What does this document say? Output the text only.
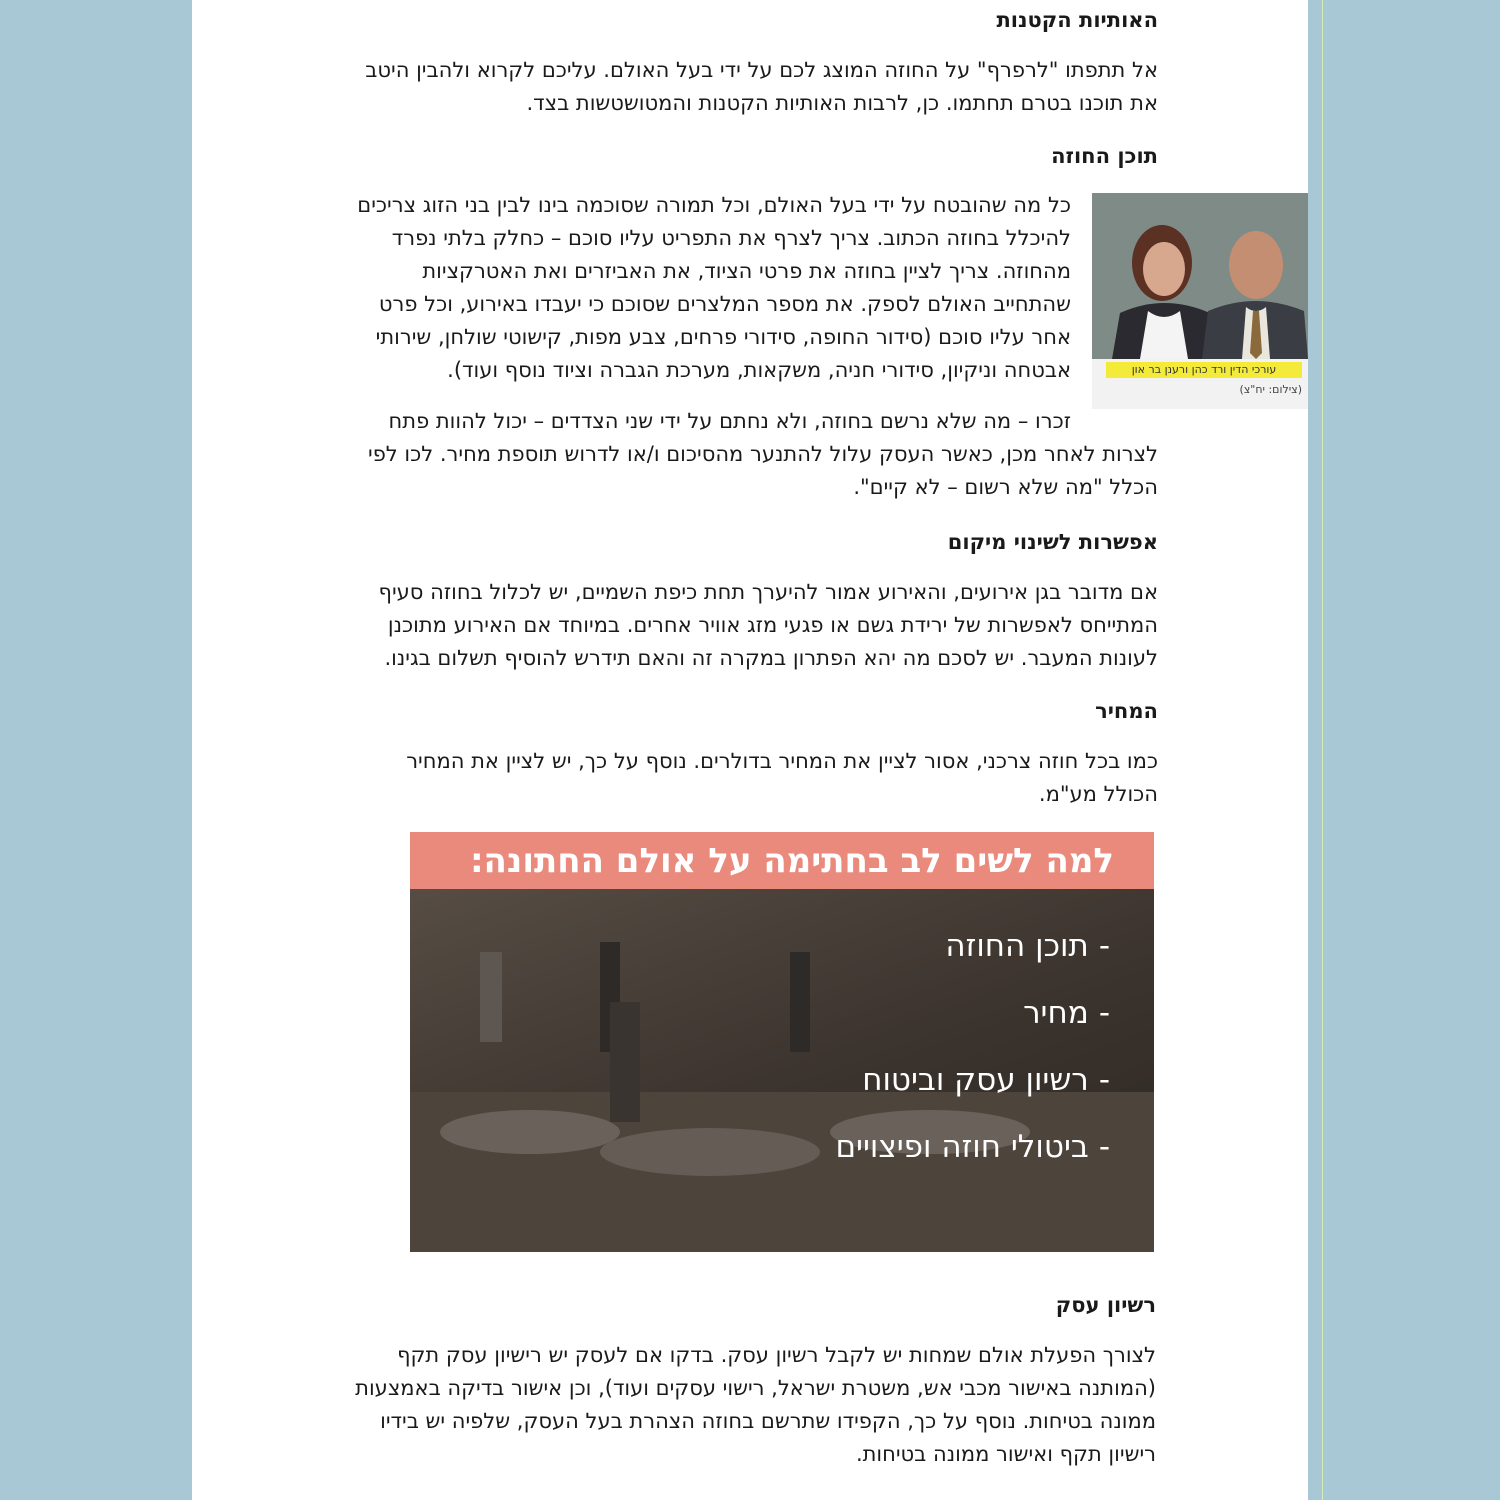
האותיות הקטנות

אל תתפתו "לרפרף" על החוזה המוצג לכם על ידי בעל האולם. עליכם לקרוא ולהבין היטב

את תוכנו בטרם תחתמו. כן, לרבות האותיות הקטנות והמטושטשות בצד.

תוכן החוזה

כל מה שהובטח על ידי בעל האולם, וכל תמורה שסוכמה בינו לבין בני הזוג צריכים

להיכלל בחוזה הכתוב. צריך לצרף את התפריט עליו סוכם – כחלק בלתי נפרד

מהחוזה. צריך לציין בחוזה את פרטי הציוד, את האביזרים ואת האטרקציות

שהתחייב האולם לספק. את מספר המלצרים שסוכם כי יעבדו באירוע, וכל פרט

אחר עליו סוכם (סידור החופה, סידורי פרחים, צבע מפות, קישוטי שולחן, שירותי

אבטחה וניקיון, סידורי חניה, משקאות, מערכת הגברה וציוד נוסף ועוד).

זכרו – מה שלא נרשם בחוזה, ולא נחתם על ידי שני הצדדים – יכול להוות פתח

לצרות לאחר מכן, כאשר העסק עלול להתנער מהסיכום ו/או לדרוש תוספת מחיר. לכו לפי

הכלל "מה שלא רשום – לא קיים".

עורכי הדין ורד כהן ורענן בר און
(צילום: יח"צ)
אפשרות לשינוי מיקום

אם מדובר בגן אירועים, והאירוע אמור להיערך תחת כיפת השמיים, יש לכלול בחוזה סעיף

המתייחס לאפשרות של ירידת גשם או פגעי מזג אוויר אחרים. במיוחד אם האירוע מתוכנן

לעונות המעבר. יש לסכם מה יהא הפתרון במקרה זה והאם תידרש להוסיף תשלום בגינו.

המחיר

כמו בכל חוזה צרכני, אסור לציין את המחיר בדולרים. נוסף על כך, יש לציין את המחיר

הכולל מע"מ.

למה לשים לב בחתימה על אולם החתונה:
-תוכן החוזה
-מחיר
-רשיון עסק וביטוח
-ביטולי חוזה ופיצויים
רשיון עסק

לצורך הפעלת אולם שמחות יש לקבל רשיון עסק. בדקו אם לעסק יש רישיון עסק תקף

(המותנה באישור מכבי אש, משטרת ישראל, רישוי עסקים ועוד), וכן אישור בדיקה באמצעות

ממונה בטיחות. נוסף על כך, הקפידו שתרשם בחוזה הצהרת בעל העסק, שלפיה יש בידיו

רישיון תקף ואישור ממונה בטיחות.
